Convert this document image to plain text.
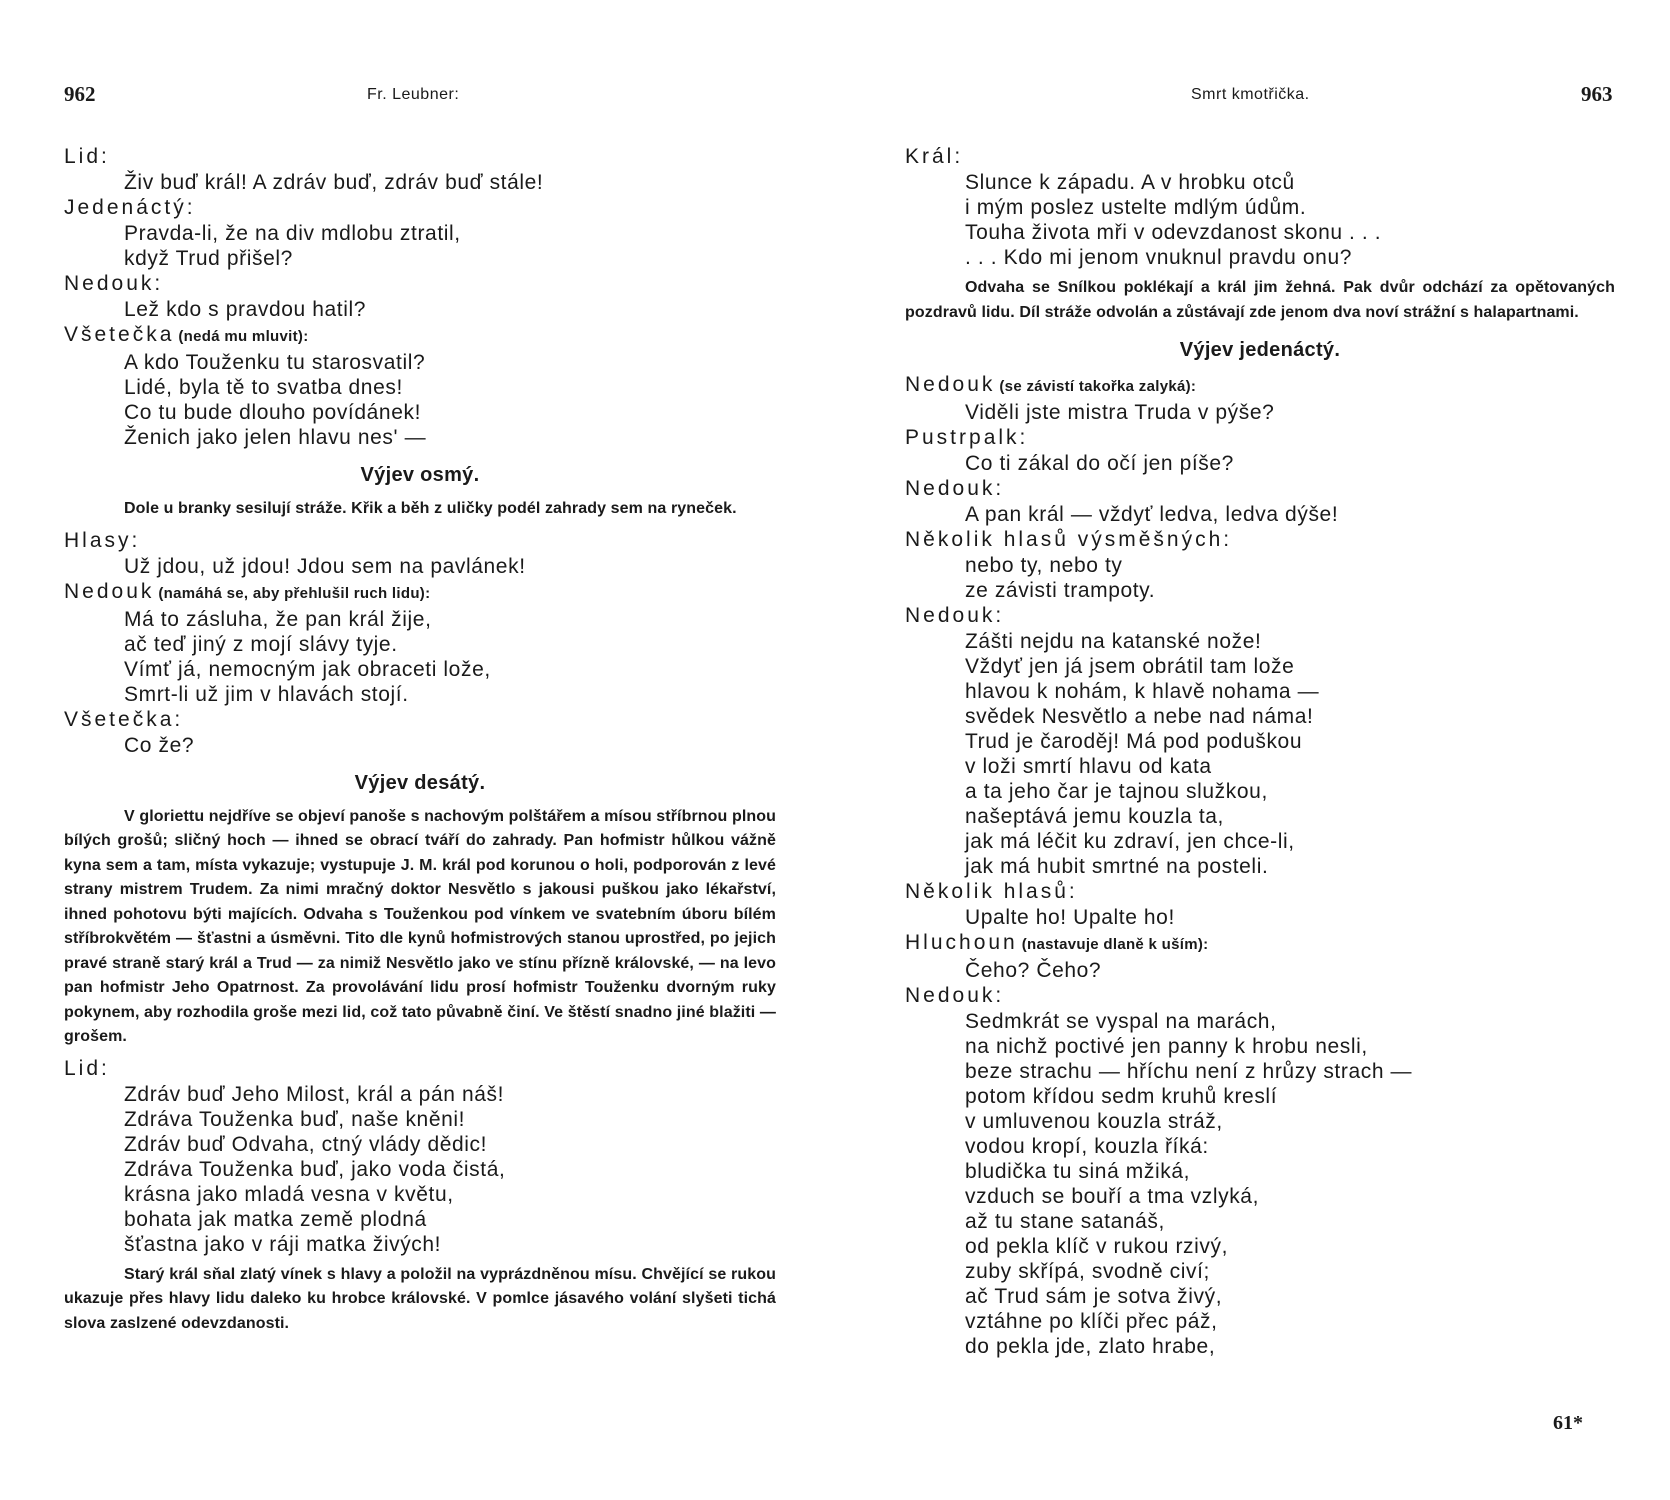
962	Fr. Leubner:
Lid:
Živ buď král! A zdráv buď, zdráv buď stále!
Jedenáctý:
Pravda-li, že na div mdlobu ztratil,
když Trud přišel?
Nedouk:
Lež kdo s pravdou hatil?
Všetečka (nedá mu mluvit):
A kdo Touženku tu starosvatil?
Lidé, byla tě to svatba dnes!
Co tu bude dlouho povídánek!
Ženich jako jelen hlavu nes' —
Výjev osmý.
Dole u branky sesilují stráže. Křik a běh z uličky podél zahrady sem na ryneček.
Hlasy:
Už jdou, už jdou! Jdou sem na pavlánek!
Nedouk (namáhá se, aby přehlušil ruch lidu):
Má to zásluha, že pan král žije,
ač teď jiný z mojí slávy tyje.
Vímť já, nemocným jak obraceti lože,
Smrt-li už jim v hlavách stojí.
Všetečka:
Co že?
Výjev desátý.
V gloriettu nejdříve se objeví panoše s nachovým polštářem a mísou stříbrnou plnou bílých grošů; sličný hoch — ihned se obrací tváří do zahrady. Pan hofmistr hůlkou vážně kyna sem a tam, místa vykazuje; vystupuje J. M. král pod korunou o holi, podporován z levé strany mistrem Trudem. Za nimi mračný doktor Nesvětlo s jakousi puškou jako lékařství, ihned pohotovu býti majících. Odvaha s Touženkou pod vínkem ve svatebním úboru bílém stříbrokvětém — šťastni a úsměvni. Tito dle kynů hofmistrových stanou uprostřed, po jejich pravé straně starý král a Trud — za nimiž Nesvětlo jako ve stínu přízně královské, — na levo pan hofmistr Jeho Opatrnost. Za provolávání lidu prosí hofmistr Touženku dvorným ruky pokynem, aby rozhodila groše mezi lid, což tato půvabně činí. Ve štěstí snadno jiné blažiti — grošem.
Lid:
Zdráv buď Jeho Milost, král a pán náš!
Zdráva Touženka buď, naše kněni!
Zdráv buď Odvaha, ctný vlády dědic!
Zdráva Touženka buď, jako voda čistá,
krásna jako mladá vesna v květu,
bohata jak matka země plodná
šťastna jako v ráji matka živých!
Starý král sňal zlatý vínek s hlavy a položil na vyprázdněnou mísu. Chvějící se rukou ukazuje přes hlavy lidu daleko ku hrobce královské. V pomlce jásavého volání slyšeti tichá slova zaslzené odevzdanosti.
Smrt kmotřička.	963
Král:
Slunce k západu. A v hrobku otců
i mým poslez ustelte mdlým údům.
Touha života mři v odevzdanost skonu . . .
. . . Kdo mi jenom vnuknul pravdu onu?
Odvaha se Snílkou poklékají a král jim žehná. Pak dvůr odchází za opětovaných pozdravů lidu. Díl stráže odvolán a zůstávají zde jenom dva noví strážní s halapartnami.
Výjev jedenáctý.
Nedouk (se závistí takořka zalyká):
Viděli jste mistra Truda v pýše?
Pustrpalk:
Co ti zákal do očí jen píše?
Nedouk:
A pan král — vždyť ledva, ledva dýše!
Několik hlasů výsměšných:
nebo ty, nebo ty
ze závisti trampoty.
Nedouk:
Zášti nejdu na katanské nože!
Vždyť jen já jsem obrátil tam lože
hlavou k nohám, k hlavě nohama —
svědek Nesvětlo a nebe nad náma!
Trud je čaroděj! Má pod poduškou
v loži smrtí hlavu od kata
a ta jeho čar je tajnou služkou,
našeptává jemu kouzla ta,
jak má léčit ku zdraví, jen chce-li,
jak má hubit smrtné na posteli.
Několik hlasů:
Upalte ho! Upalte ho!
Hluchoun (nastavuje dlaně k uším):
Čeho? Čeho?
Nedouk:
Sedmkrát se vyspal na marách,
na nichž poctivé jen panny k hrobu nesli,
beze strachu — hříchu není z hrůzy strach —
potom křídou sedm kruhů kreslí
v umluvenou kouzla stráž,
vodou kropí, kouzla říká:
bludička tu siná mžiká,
vzduch se bouří a tma vzlyká,
až tu stane satanáš,
od pekla klíč v rukou rzivý,
zuby skřípá, svodně civí;
ač Trud sám je sotva živý,
vztáhne po klíči přec páž,
do pekla jde, zlato hrabe,
61*
